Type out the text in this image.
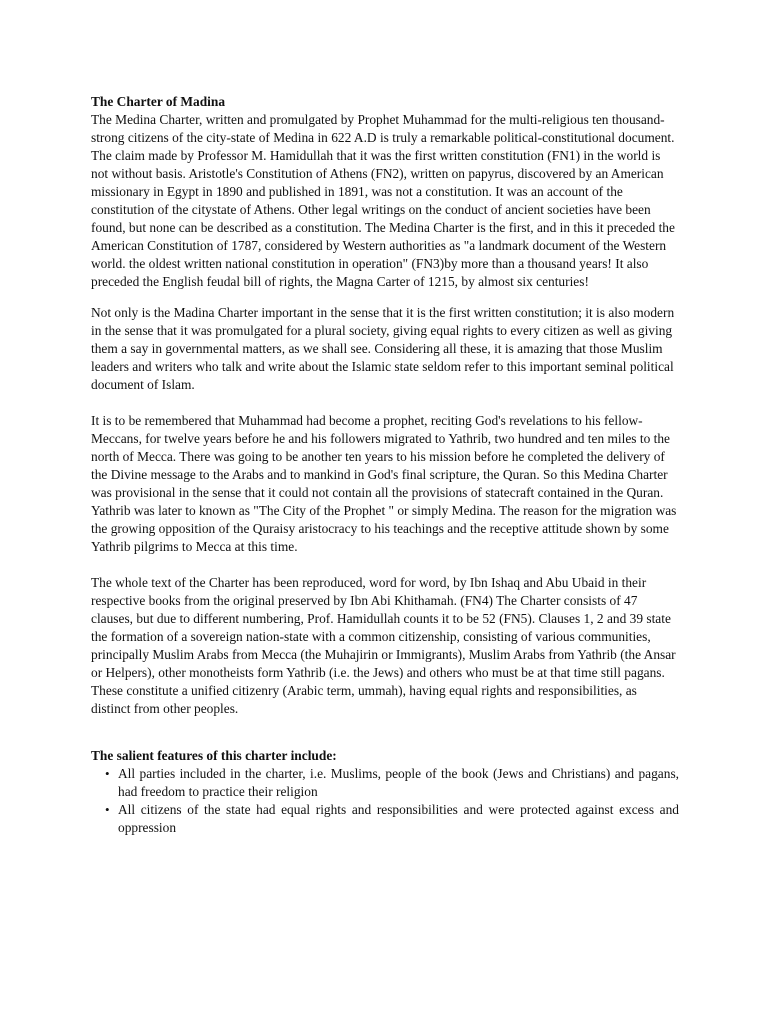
The Charter of Madina

The Medina Charter, written and promulgated by Prophet Muhammad for the multi-religious ten thousand-strong citizens of the city-state of Medina in 622 A.D is truly a remarkable political-constitutional document. The claim made by Professor M. Hamidullah that it was the first written constitution (FN1) in the world is not without basis. Aristotle's Constitution of Athens (FN2), written on papyrus, discovered by an American missionary in Egypt in 1890 and published in 1891, was not a constitution. It was an account of the constitution of the citystate of Athens. Other legal writings on the conduct of ancient societies have been found, but none can be described as a constitution. The Medina Charter is the first, and in this it preceded the American Constitution of 1787, considered by Western authorities as "a landmark document of the Western world. the oldest written national constitution in operation" (FN3)by more than a thousand years! It also preceded the English feudal bill of rights, the Magna Carter of 1215, by almost six centuries!

Not only is the Madina Charter important in the sense that it is the first written constitution; it is also modern in the sense that it was promulgated for a plural society, giving equal rights to every citizen as well as giving them a say in governmental matters, as we shall see. Considering all these, it is amazing that those Muslim leaders and writers who talk and write about the Islamic state seldom refer to this important seminal political document of Islam.

It is to be remembered that Muhammad had become a prophet, reciting God's revelations to his fellow-Meccans, for twelve years before he and his followers migrated to Yathrib, two hundred and ten miles to the north of Mecca. There was going to be another ten years to his mission before he completed the delivery of the Divine message to the Arabs and to mankind in God's final scripture, the Quran. So this Medina Charter was provisional in the sense that it could not contain all the provisions of statecraft contained in the Quran. Yathrib was later to known as "The City of the Prophet " or simply Medina. The reason for the migration was the growing opposition of the Quraisy aristocracy to his teachings and the receptive attitude shown by some Yathrib pilgrims to Mecca at this time.

The whole text of the Charter has been reproduced, word for word, by Ibn Ishaq and Abu Ubaid in their respective books from the original preserved by Ibn Abi Khithamah. (FN4) The Charter consists of 47 clauses, but due to different numbering, Prof. Hamidullah counts it to be 52 (FN5). Clauses 1, 2 and 39 state the formation of a sovereign nation-state with a common citizenship, consisting of various communities, principally Muslim Arabs from Mecca (the Muhajirin or Immigrants), Muslim Arabs from Yathrib (the Ansar or Helpers), other monotheists form Yathrib (i.e. the Jews) and others who must be at that time still pagans. These constitute a unified citizenry (Arabic term, ummah), having equal rights and responsibilities, as distinct from other peoples.

The salient features of this charter include:
• All parties included in the charter, i.e. Muslims, people of the book (Jews and Christians) and pagans, had freedom to practice their religion
• All citizens of the state had equal rights and responsibilities and were protected against excess and oppression
